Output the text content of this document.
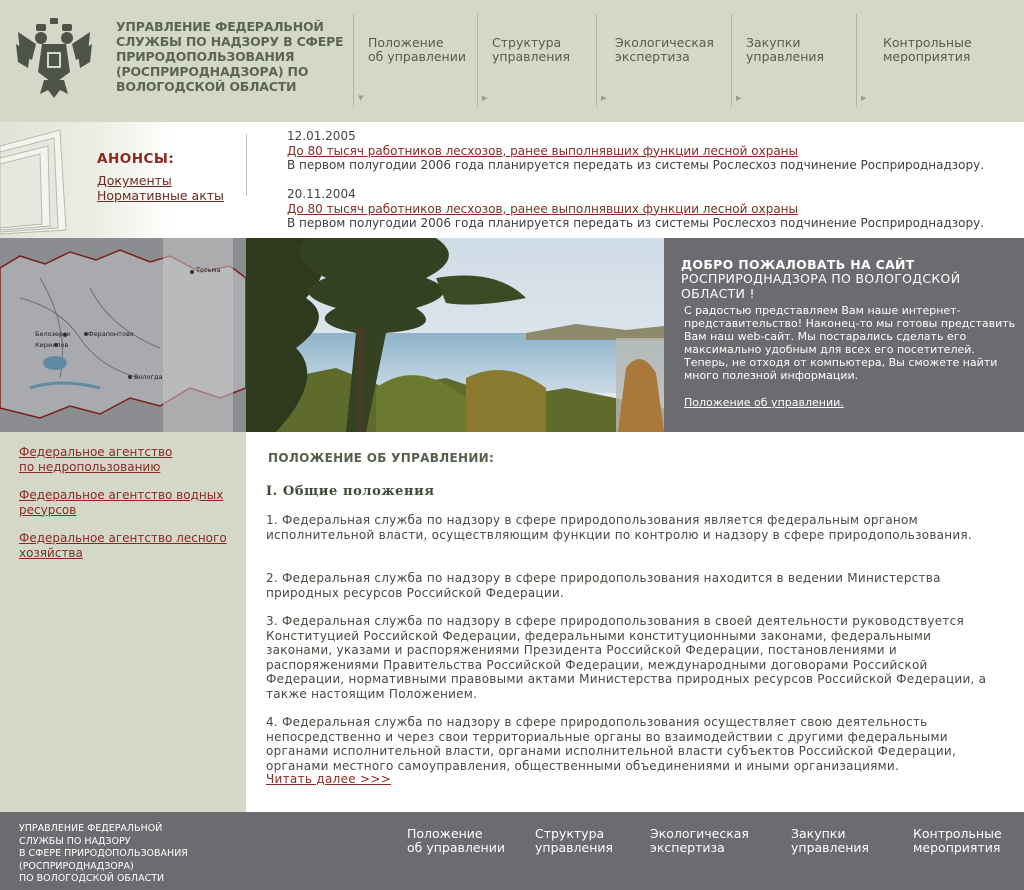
УПРАВЛЕНИЕ ФЕДЕРАЛЬНОЙ СЛУЖБЫ ПО НАДЗОРУ В СФЕРЕ ПРИРОДОПОЛЬЗОВАНИЯ (РОСПРИРОДНАДЗОРА) ПО ВОЛОГОДСКОЙ ОБЛАСТИ
Положение
об управлении
▼
Структура
управления
▶
Экологическая
экспертиза
▶
Закупки
управления
▶
Контрольные
мероприятия
▶
АНОНСЫ:
Документы
Нормативные акты
12.01.2005
До 80 тысяч работников лесхозов, ранее выполнявших функции лесной охраны
В первом полугодии 2006 года планируется передать из системы Рослесхоз подчинение Росприроднадзору.
20.11.2004
До 80 тысяч работников лесхозов, ранее выполнявших функции лесной охраны
В первом полугодии 2006 года планируется передать из системы Рослесхоз подчинение Росприроднадзору.
Белозерск	Ферапонтово
Кириллов
Тотьма
Вологда
ДОБРО ПОЖАЛОВАТЬ НА САЙТ
РОСПРИРОДНАДЗОРА ПО ВОЛОГОДСКОЙ ОБЛАСТИ !

С радостью представляем Вам наше интернет-представительство! Наконец-то мы готовы представить Вам наш web-сайт. Мы постарались сделать его максимально удобным для всех его посетителей. Теперь, не отходя от компьютера, Вы сможете найти много полезной информации.

Положение об управлении.
Федеральное агентство
по недропользованию
Федеральное агентство водных
ресурсов
Федеральное агентство лесного
хозяйства
ПОЛОЖЕНИЕ ОБ УПРАВЛЕНИИ:
I. Общие положения
1. Федеральная служба по надзору в сфере природопользования является федеральным органом исполнительной власти, осуществляющим функции по контролю и надзору в сфере природопользования.
2. Федеральная служба по надзору в сфере природопользования находится в ведении Министерства природных ресурсов Российской Федерации.
3. Федеральная служба по надзору в сфере природопользования в своей деятельности руководствуется Конституцией Российской Федерации, федеральными конституционными законами, федеральными законами, указами и распоряжениями Президента Российской Федерации, постановлениями и распоряжениями Правительства Российской Федерации, международными договорами Российской Федерации, нормативными правовыми актами Министерства природных ресурсов Российской Федерации, а также настоящим Положением.
4. Федеральная служба по надзору в сфере природопользования осуществляет свою деятельность непосредственно и через свои территориальные органы во взаимодействии с другими федеральными органами исполнительной власти, органами исполнительной власти субъектов Российской Федерации, органами местного самоуправления, общественными объединениями и иными организациями.
Читать далее >>>
УПРАВЛЕНИЕ ФЕДЕРАЛЬНОЙ
СЛУЖБЫ ПО НАДЗОРУ
В СФЕРЕ ПРИРОДОПОЛЬЗОВАНИЯ
(РОСПРИРОДНАДЗОРА)
ПО ВОЛОГОДСКОЙ ОБЛАСТИ
Положение
об управлении
Структура
управления
Экологическая
экспертиза
Закупки
управления
Контрольные
мероприятия
